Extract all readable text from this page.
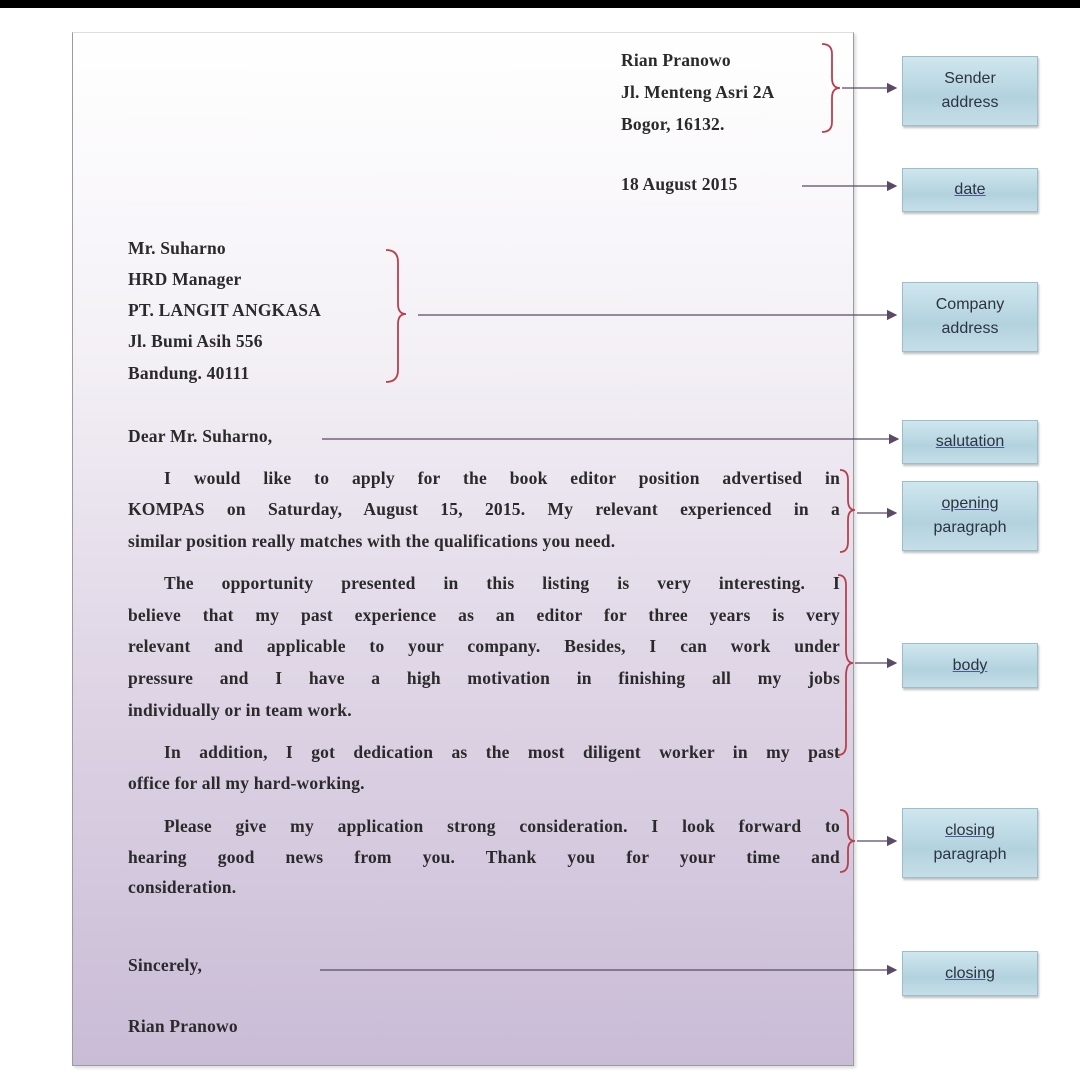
Rian Pranowo
Jl. Menteng Asri 2A
Bogor, 16132.
18 August 2015
Mr. Suharno
HRD Manager
PT. LANGIT ANGKASA
Jl. Bumi Asih 556
Bandung. 40111
Dear Mr. Suharno,
I would like to apply for the book editor position advertised in
KOMPAS on Saturday, August 15, 2015. My relevant experienced in a
similar position really matches with the qualifications you need.
The opportunity presented in this listing is very interesting. I
believe that my past experience as an editor for three years is very
relevant and applicable to your company. Besides, I can work under
pressure and I have a high motivation in finishing all my jobs
individually or in team work.
In addition, I got dedication as the most diligent worker in my past
office for all my hard-working.
Please give my application strong consideration. I look forward to
hearing good news from you. Thank you for your time and
consideration.
Sincerely,
Rian Pranowo
Sender
address
date
Company
address
salutation
opening
paragraph
body
closing
paragraph
closing
